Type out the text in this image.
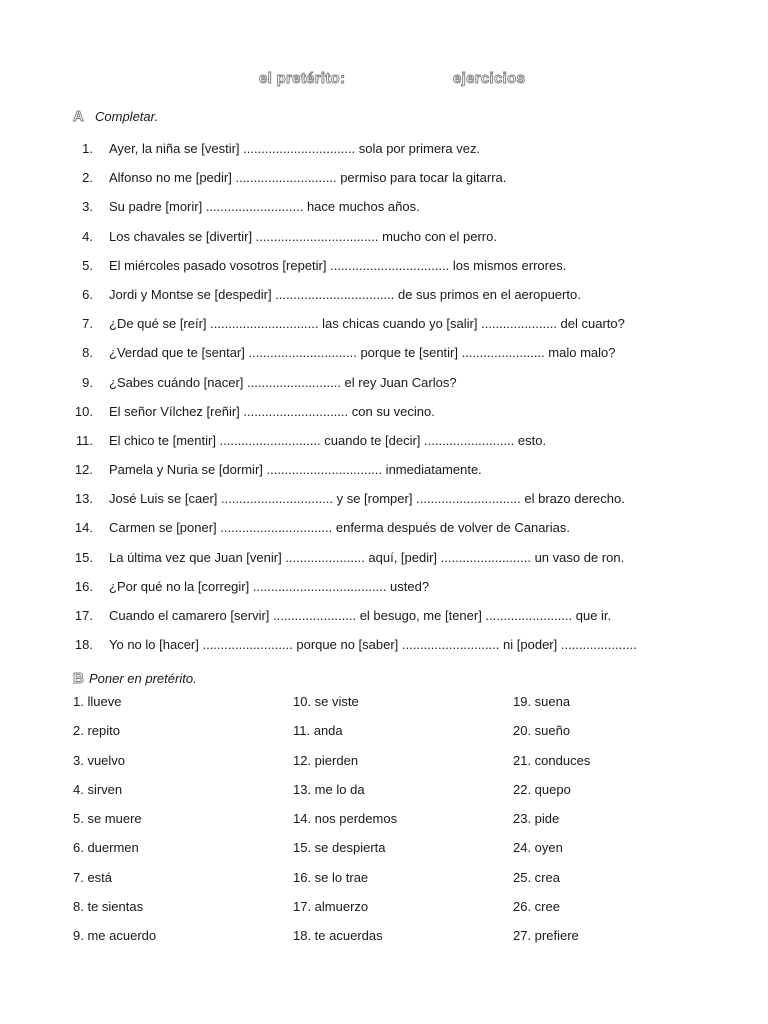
el pretérito:	ejercicios
A Completar.
1. Ayer, la niña se [vestir] ............................... sola por primera vez.
2. Alfonso no me [pedir] ............................ permiso para tocar la gitarra.
3. Su padre [morir] ........................... hace muchos años.
4. Los chavales se [divertir] .................................. mucho con el perro.
5. El miércoles pasado vosotros [repetir] ................................. los mismos errores.
6. Jordi y Montse se [despedir] ................................. de sus primos en el aeropuerto.
7. ¿De qué se [reír] .............................. las chicas cuando yo [salir] ..................... del cuarto?
8. ¿Verdad que te [sentar] .............................. porque te [sentir] ....................... malo malo?
9. ¿Sabes cuándo [nacer] .......................... el rey Juan Carlos?
10. El señor Vílchez [reñir] ............................. con su vecino.
11. El chico te [mentir] ............................ cuando te [decir] ......................... esto.
12. Pamela y Nuria se [dormir] ................................ inmediatamente.
13. José Luis se [caer] ............................... y se [romper] ............................. el brazo derecho.
14. Carmen se [poner] ............................... enferma después de volver de Canarias.
15. La última vez que Juan [venir] ...................... aquí, [pedir] ......................... un vaso de ron.
16. ¿Por qué no la [corregir] ..................................... usted?
17. Cuando el camarero [servir] ....................... el besugo, me [tener] ........................ que ir.
18. Yo no lo [hacer] ......................... porque no [saber] ........................... ni [poder] .....................
B Poner en pretérito.
1. llueve	10. se viste	19. suena
2. repito	11. anda	20. sueño
3. vuelvo	12. pierden	21. conduces
4. sirven	13. me lo da	22. quepo
5. se muere	14. nos perdemos	23. pide
6. duermen	15. se despierta	24. oyen
7. está	16. se lo trae	25. crea
8. te sientas	17. almuerzo	26. cree
9. me acuerdo	18. te acuerdas	27. prefiere
